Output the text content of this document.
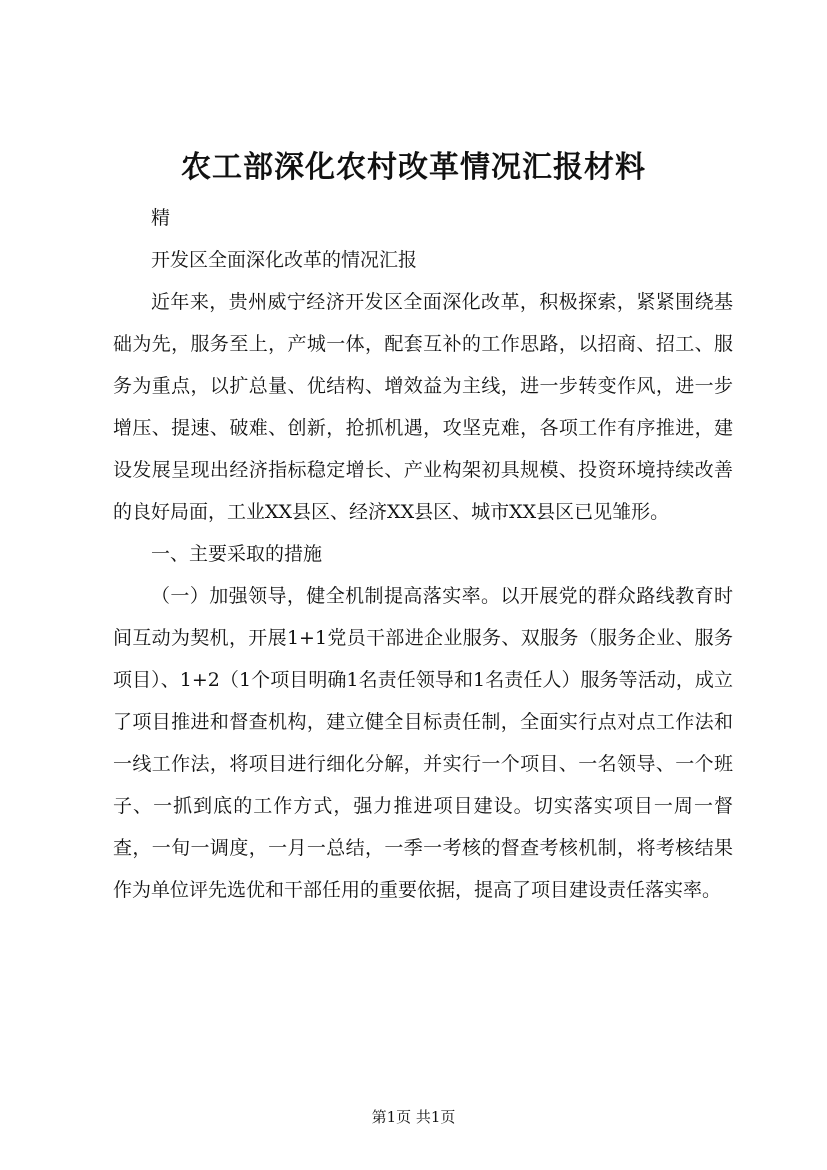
农工部深化农村改革情况汇报材料

精

开发区全面深化改革的情况汇报

近年来，贵州威宁经济开发区全面深化改革，积极探索，紧紧围绕基础为先，服务至上，产城一体，配套互补的工作思路，以招商、招工、服务为重点，以扩总量、优结构、增效益为主线，进一步转变作风，进一步增压、提速、破难、创新，抢抓机遇，攻坚克难，各项工作有序推进，建设发展呈现出经济指标稳定增长、产业构架初具规模、投资环境持续改善的良好局面，工业XX县区、经济XX县区、城市XX县区已见雏形。

一、主要采取的措施

（一）加强领导，健全机制提高落实率。以开展党的群众路线教育时间互动为契机，开展1+1党员干部进企业服务、双服务（服务企业、服务项目）、1+2（1个项目明确1名责任领导和1名责任人）服务等活动，成立了项目推进和督查机构，建立健全目标责任制，全面实行点对点工作法和一线工作法，将项目进行细化分解，并实行一个项目、一名领导、一个班子、一抓到底的工作方式，强力推进项目建设。切实落实项目一周一督查，一旬一调度，一月一总结，一季一考核的督查考核机制，将考核结果作为单位评先选优和干部任用的重要依据，提高了项目建设责任落实率。

第1页 共1页
